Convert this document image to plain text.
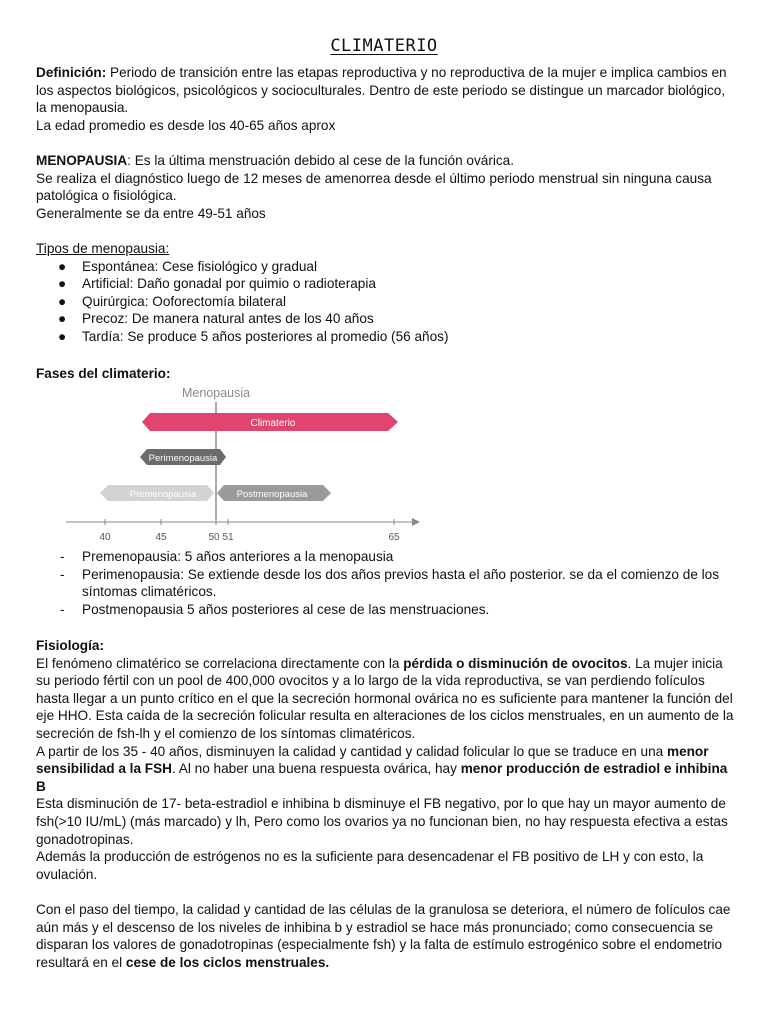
CLIMATERIO

Definición: Periodo de transición entre las etapas reproductiva y no reproductiva de la mujer e implica cambios en los aspectos biológicos, psicológicos y socioculturales. Dentro de este periodo se distingue un marcador biológico, la menopausia.

La edad promedio es desde los 40-65 años aprox

MENOPAUSIA: Es la última menstruación debido al cese de la función ovárica.

Se realiza el diagnóstico luego de 12 meses de amenorrea desde el último periodo menstrual sin ninguna causa patológica o fisiológica.

Generalmente se da entre 49-51 años

Tipos de menopausia:

● Espontánea: Cese fisiológico y gradual
● Artificial: Daño gonadal por quimio o radioterapia
● Quirúrgica: Ooforectomía bilateral
● Precoz: De manera natural antes de los 40 años
● Tardía: Se produce 5 años posteriores al promedio (56 años)

Fases del climaterio:

Menopausia
Climaterio
Perimenopausia
Premenopausia	Postmenopausia
40	45	50 51	65
- Premenopausia: 5 años anteriores a la menopausia
- Perimenopausia: Se extiende desde los dos años previos hasta el año posterior. se da el comienzo de los síntomas climatéricos.
- Postmenopausia 5 años posteriores al cese de las menstruaciones.

Fisiología:

El fenómeno climatérico se correlaciona directamente con la pérdida o disminución de ovocitos. La mujer inicia su periodo fértil con un pool de 400,000 ovocitos y a lo largo de la vida reproductiva, se van perdiendo folículos hasta llegar a un punto crítico en el que la secreción hormonal ovárica no es suficiente para mantener la función del eje HHO. Esta caída de la secreción folicular resulta en alteraciones de los ciclos menstruales, en un aumento de la secreción de fsh-lh y el comienzo de los síntomas climatéricos.

A partir de los 35 - 40 años, disminuyen la calidad y cantidad y calidad folicular lo que se traduce en una menor sensibilidad a la FSH. Al no haber una buena respuesta ovárica, hay menor producción de estradiol e inhibina B

Esta disminución de 17- beta-estradiol e inhibina b disminuye el FB negativo, por lo que hay un mayor aumento de fsh(>10 IU/mL) (más marcado) y lh, Pero como los ovarios ya no funcionan bien, no hay respuesta efectiva a estas gonadotropinas.

Además la producción de estrógenos no es la suficiente para desencadenar el FB positivo de LH y con esto, la ovulación.

Con el paso del tiempo, la calidad y cantidad de las células de la granulosa se deteriora, el número de folículos cae aún más y el descenso de los niveles de inhibina b y estradiol se hace más pronunciado; como consecuencia se disparan los valores de gonadotropinas (especialmente fsh) y la falta de estímulo estrogénico sobre el endometrio resultará en el cese de los ciclos menstruales.
